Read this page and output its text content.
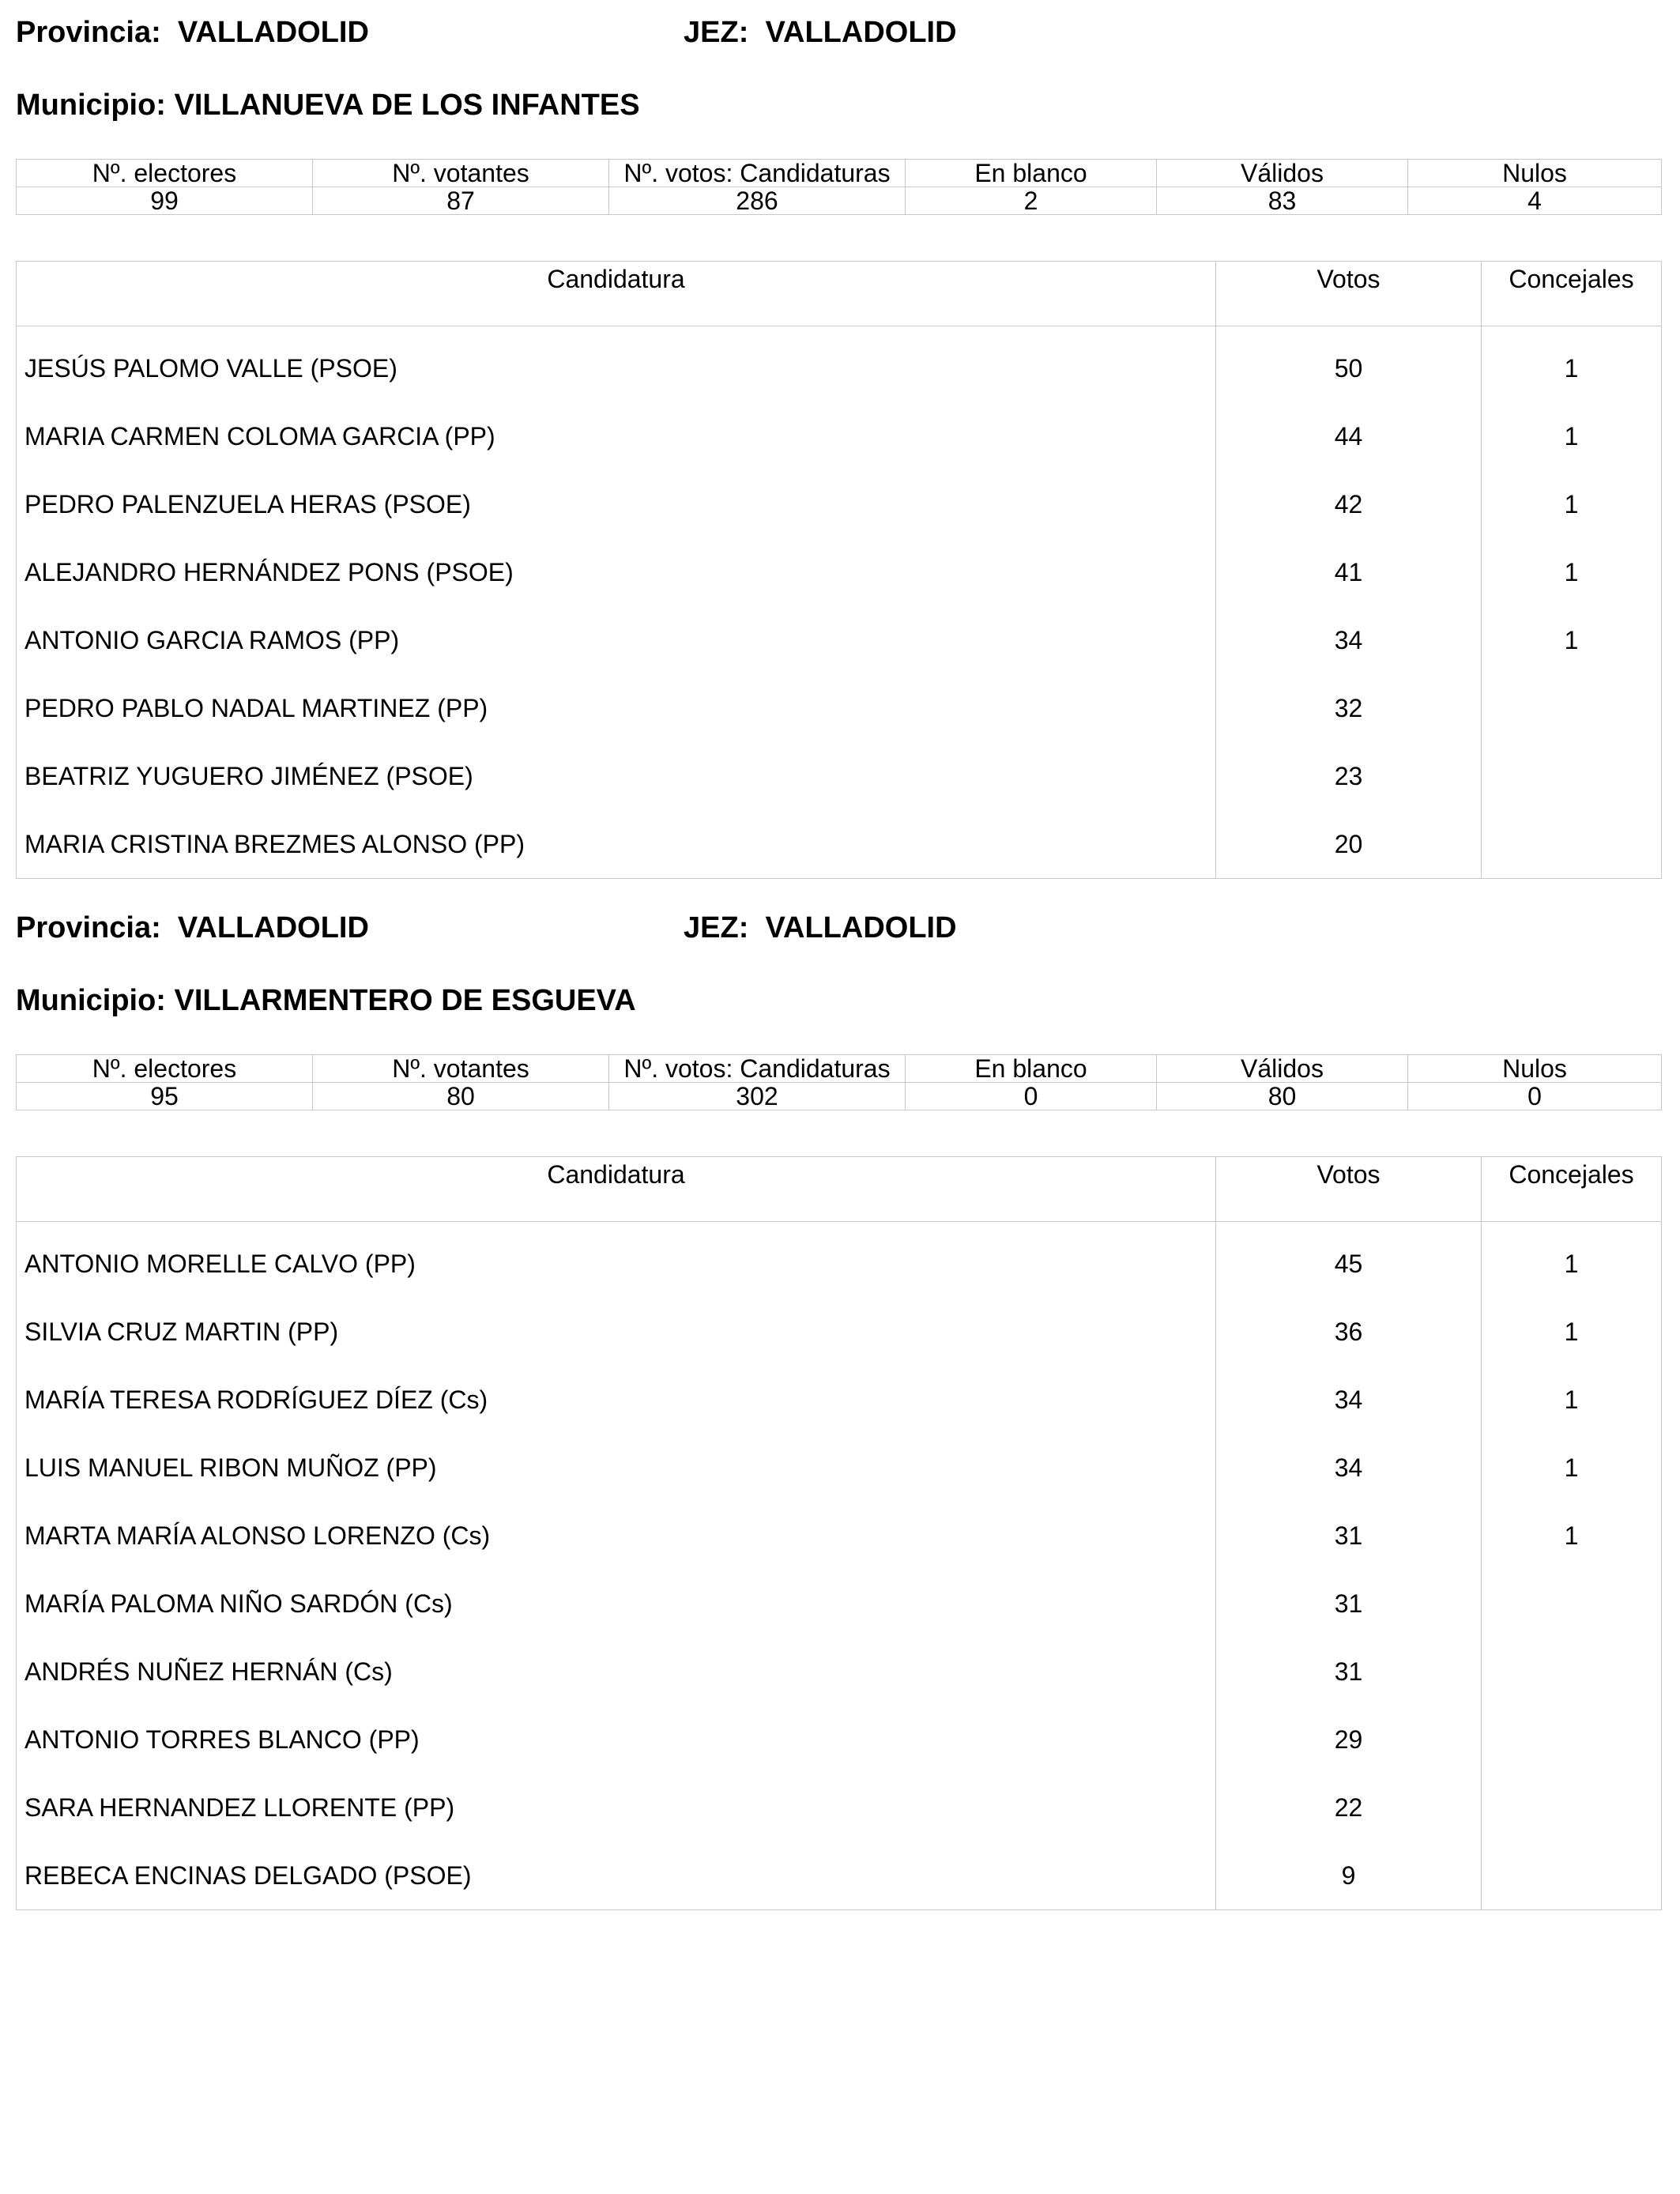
Provincia: VALLADOLID	JEZ: VALLADOLID
Municipio: VILLANUEVA DE LOS INFANTES
Nº. electores	Nº. votantes	Nº. votos: Candidaturas	En blanco	Válidos	Nulos
99	87	286	2	83	4
Candidatura	Votos	Concejales
JESÚS PALOMO VALLE (PSOE)	50	1
MARIA CARMEN COLOMA GARCIA (PP)	44	1
PEDRO PALENZUELA HERAS (PSOE)	42	1
ALEJANDRO HERNÁNDEZ PONS (PSOE)	41	1
ANTONIO GARCIA RAMOS (PP)	34	1
PEDRO PABLO NADAL MARTINEZ (PP)	32	
BEATRIZ YUGUERO JIMÉNEZ (PSOE)	23	
MARIA CRISTINA BREZMES ALONSO (PP)	20	
Provincia: VALLADOLID	JEZ: VALLADOLID
Municipio: VILLARMENTERO DE ESGUEVA
Nº. electores	Nº. votantes	Nº. votos: Candidaturas	En blanco	Válidos	Nulos
95	80	302	0	80	0
Candidatura	Votos	Concejales
ANTONIO MORELLE CALVO (PP)	45	1
SILVIA CRUZ MARTIN (PP)	36	1
MARÍA TERESA RODRÍGUEZ DÍEZ (Cs)	34	1
LUIS MANUEL RIBON MUÑOZ (PP)	34	1
MARTA MARÍA ALONSO LORENZO (Cs)	31	1
MARÍA PALOMA NIÑO SARDÓN (Cs)	31	
ANDRÉS NUÑEZ HERNÁN (Cs)	31	
ANTONIO TORRES BLANCO (PP)	29	
SARA HERNANDEZ LLORENTE (PP)	22	
REBECA ENCINAS DELGADO (PSOE)	9	
